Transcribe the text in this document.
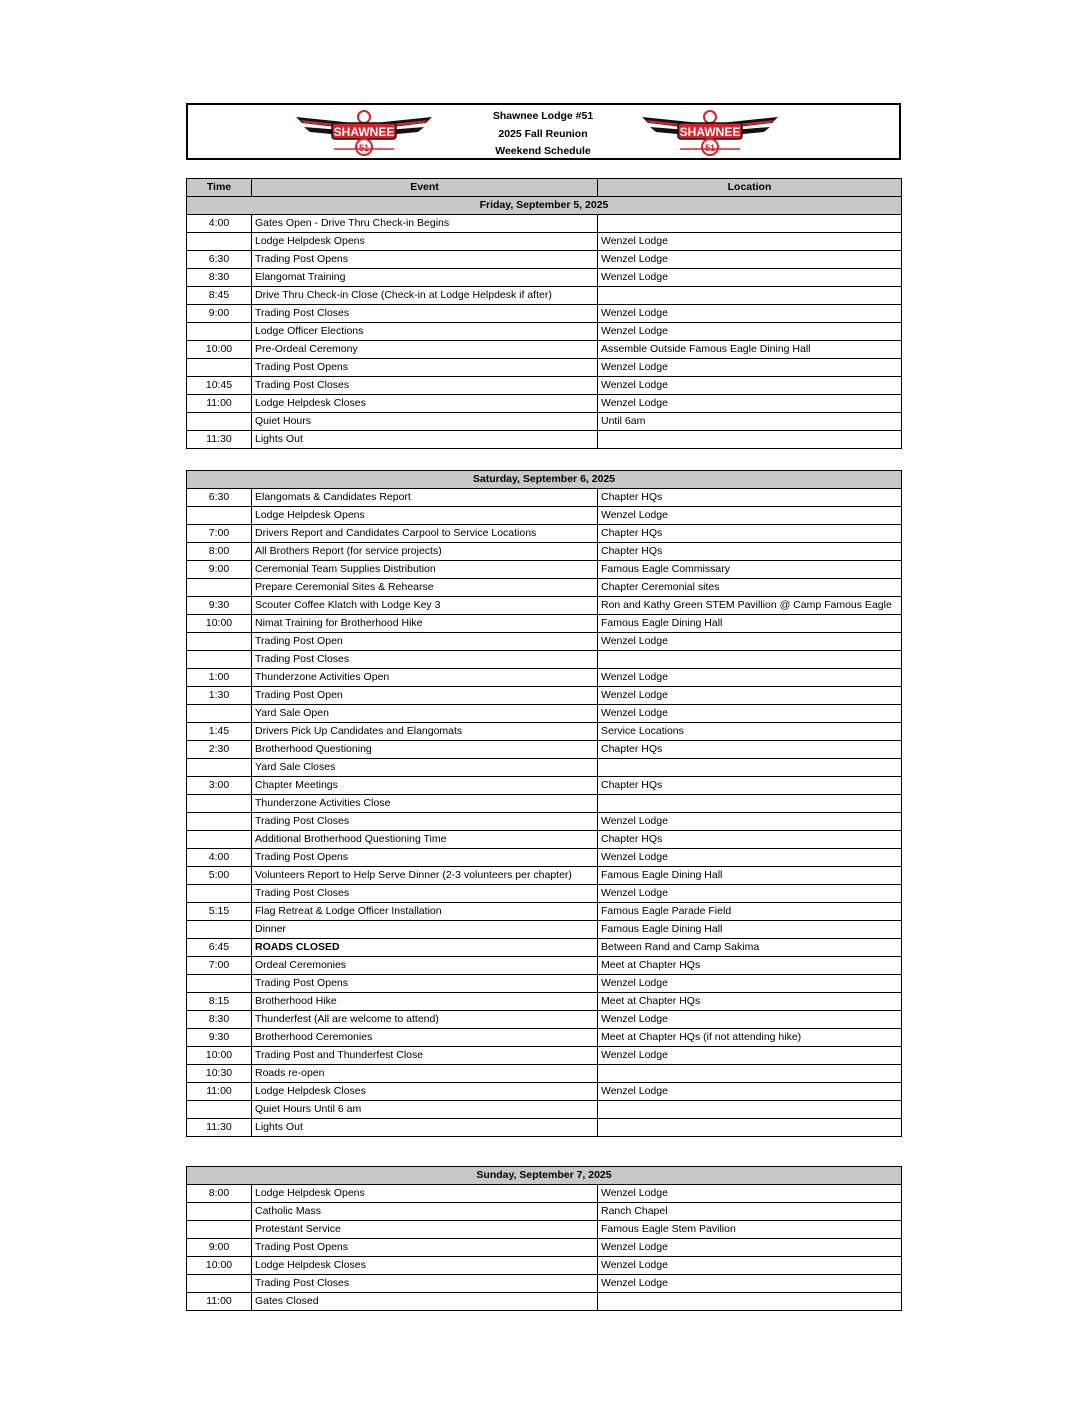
SHAWNEE
51
Shawnee Lodge #51
2025 Fall Reunion
Weekend Schedule
SHAWNEE
51
Time	Event	Location
Friday, September 5, 2025		
4:00	Gates Open - Drive Thru Check-in Begins	
	Lodge Helpdesk Opens	Wenzel Lodge
6:30	Trading Post Opens	Wenzel Lodge
8:30	Elangomat Training	Wenzel Lodge
8:45	Drive Thru Check-in Close (Check-in at Lodge Helpdesk if after)	
9:00	Trading Post Closes	Wenzel Lodge
	Lodge Officer Elections	Wenzel Lodge
10:00	Pre-Ordeal Ceremony	Assemble Outside Famous Eagle Dining Hall
	Trading Post Opens	Wenzel Lodge
10:45	Trading Post Closes	Wenzel Lodge
11:00	Lodge Helpdesk Closes	Wenzel Lodge
	Quiet Hours	Until 6am
11:30	Lights Out	
Saturday, September 6, 2025		
6:30	Elangomats & Candidates Report	Chapter HQs
	Lodge Helpdesk Opens	Wenzel Lodge
7:00	Drivers Report and Candidates Carpool to Service Locations	Chapter HQs
8:00	All Brothers Report (for service projects)	Chapter HQs
9:00	Ceremonial Team Supplies Distribution	Famous Eagle Commissary
	Prepare Ceremonial Sites & Rehearse	Chapter Ceremonial sites
9:30	Scouter Coffee Klatch with Lodge Key 3	Ron and Kathy Green STEM Pavillion @ Camp Famous Eagle
10:00	Nimat Training for Brotherhood Hike	Famous Eagle Dining Hall
	Trading Post Open	Wenzel Lodge
	Trading Post Closes	
1:00	Thunderzone Activities Open	Wenzel Lodge
1:30	Trading Post Open	Wenzel Lodge
	Yard Sale Open	Wenzel Lodge
1:45	Drivers Pick Up Candidates and Elangomats	Service Locations
2:30	Brotherhood Questioning	Chapter HQs
	Yard Sale Closes	
3:00	Chapter Meetings	Chapter HQs
	Thunderzone Activities Close	
	Trading Post Closes	Wenzel Lodge
	Additional Brotherhood Questioning Time	Chapter HQs
4:00	Trading Post Opens	Wenzel Lodge
5:00	Volunteers Report to Help Serve Dinner (2-3 volunteers per chapter)	Famous Eagle Dining Hall
	Trading Post Closes	Wenzel Lodge
5:15	Flag Retreat & Lodge Officer Installation	Famous Eagle Parade Field
	Dinner	Famous Eagle Dining Hall
6:45	ROADS CLOSED	Between Rand and Camp Sakima
7:00	Ordeal Ceremonies	Meet at Chapter HQs
	Trading Post Opens	Wenzel Lodge
8:15	Brotherhood Hike	Meet at Chapter HQs
8:30	Thunderfest (All are welcome to attend)	Wenzel Lodge
9:30	Brotherhood Ceremonies	Meet at Chapter HQs (if not attending hike)
10:00	Trading Post and Thunderfest Close	Wenzel Lodge
10:30	Roads re-open	
11:00	Lodge Helpdesk Closes	Wenzel Lodge
	Quiet Hours Until 6 am	
11:30	Lights Out	
Sunday, September 7, 2025		
8:00	Lodge Helpdesk Opens	Wenzel Lodge
	Catholic Mass	Ranch Chapel
	Protestant Service	Famous Eagle Stem Pavilion
9:00	Trading Post Opens	Wenzel Lodge
10:00	Lodge Helpdesk Closes	Wenzel Lodge
	Trading Post Closes	Wenzel Lodge
11:00	Gates Closed	
